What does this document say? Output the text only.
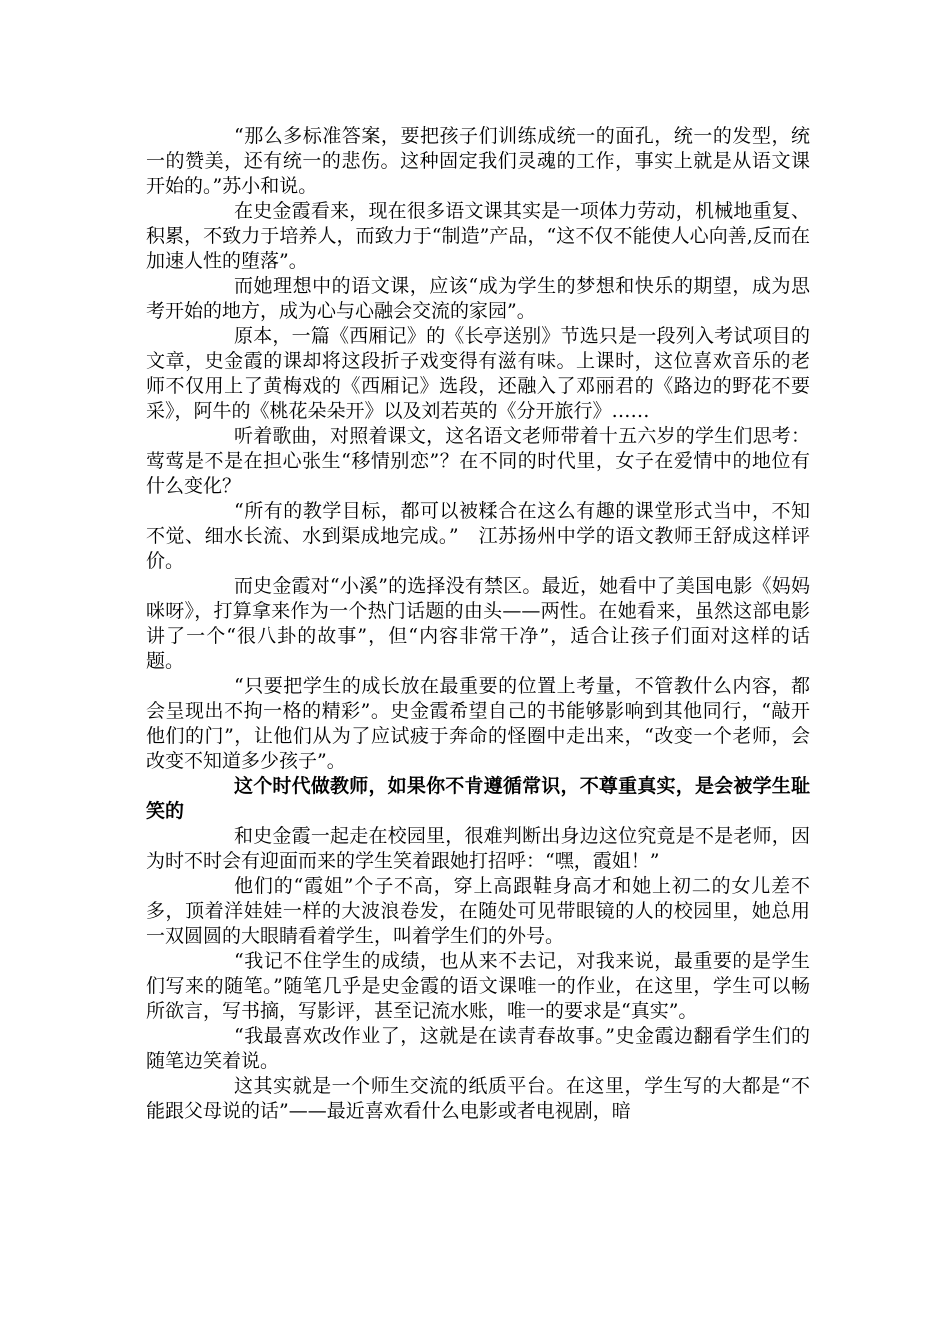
“那么多标准答案，要把孩子们训练成统一的面孔，统一的发型，统一的赞美，还有统一的悲伤。这种固定我们灵魂的工作，事实上就是从语文课开始的。”苏小和说。

在史金霞看来，现在很多语文课其实是一项体力劳动，机械地重复、积累，不致力于培养人，而致力于“制造”产品，“这不仅不能使人心向善,反而在加速人性的堕落”。

而她理想中的语文课，应该“成为学生的梦想和快乐的期望，成为思考开始的地方，成为心与心融会交流的家园”。

原本，一篇《西厢记》的《长亭送别》节选只是一段列入考试项目的文章，史金霞的课却将这段折子戏变得有滋有味。上课时，这位喜欢音乐的老师不仅用上了黄梅戏的《西厢记》选段，还融入了邓丽君的《路边的野花不要采》，阿牛的《桃花朵朵开》以及刘若英的《分开旅行》……

听着歌曲，对照着课文，这名语文老师带着十五六岁的学生们思考：莺莺是不是在担心张生“移情别恋”？在不同的时代里，女子在爱情中的地位有什么变化？

“所有的教学目标，都可以被糅合在这么有趣的课堂形式当中，不知不觉、细水长流、水到渠成地完成。”　江苏扬州中学的语文教师王舒成这样评价。

而史金霞对“小溪”的选择没有禁区。最近，她看中了美国电影《妈妈咪呀》，打算拿来作为一个热门话题的由头——两性。在她看来，虽然这部电影讲了一个“很八卦的故事”，但“内容非常干净”，适合让孩子们面对这样的话题。

“只要把学生的成长放在最重要的位置上考量，不管教什么内容，都会呈现出不拘一格的精彩”。史金霞希望自己的书能够影响到其他同行，“敲开他们的门”，让他们从为了应试疲于奔命的怪圈中走出来，“改变一个老师，会改变不知道多少孩子”。

这个时代做教师，如果你不肯遵循常识，不尊重真实，是会被学生耻笑的

和史金霞一起走在校园里，很难判断出身边这位究竟是不是老师，因为时不时会有迎面而来的学生笑着跟她打招呼：“嘿，霞姐！”

他们的“霞姐”个子不高，穿上高跟鞋身高才和她上初二的女儿差不多，顶着洋娃娃一样的大波浪卷发，在随处可见带眼镜的人的校园里，她总用一双圆圆的大眼睛看着学生，叫着学生们的外号。

“我记不住学生的成绩，也从来不去记，对我来说，最重要的是学生们写来的随笔。”随笔几乎是史金霞的语文课唯一的作业，在这里，学生可以畅所欲言，写书摘，写影评，甚至记流水账，唯一的要求是“真实”。

“我最喜欢改作业了，这就是在读青春故事。”史金霞边翻看学生们的随笔边笑着说。

这其实就是一个师生交流的纸质平台。在这里，学生写的大都是“不能跟父母说的话”——最近喜欢看什么电影或者电视剧，暗
